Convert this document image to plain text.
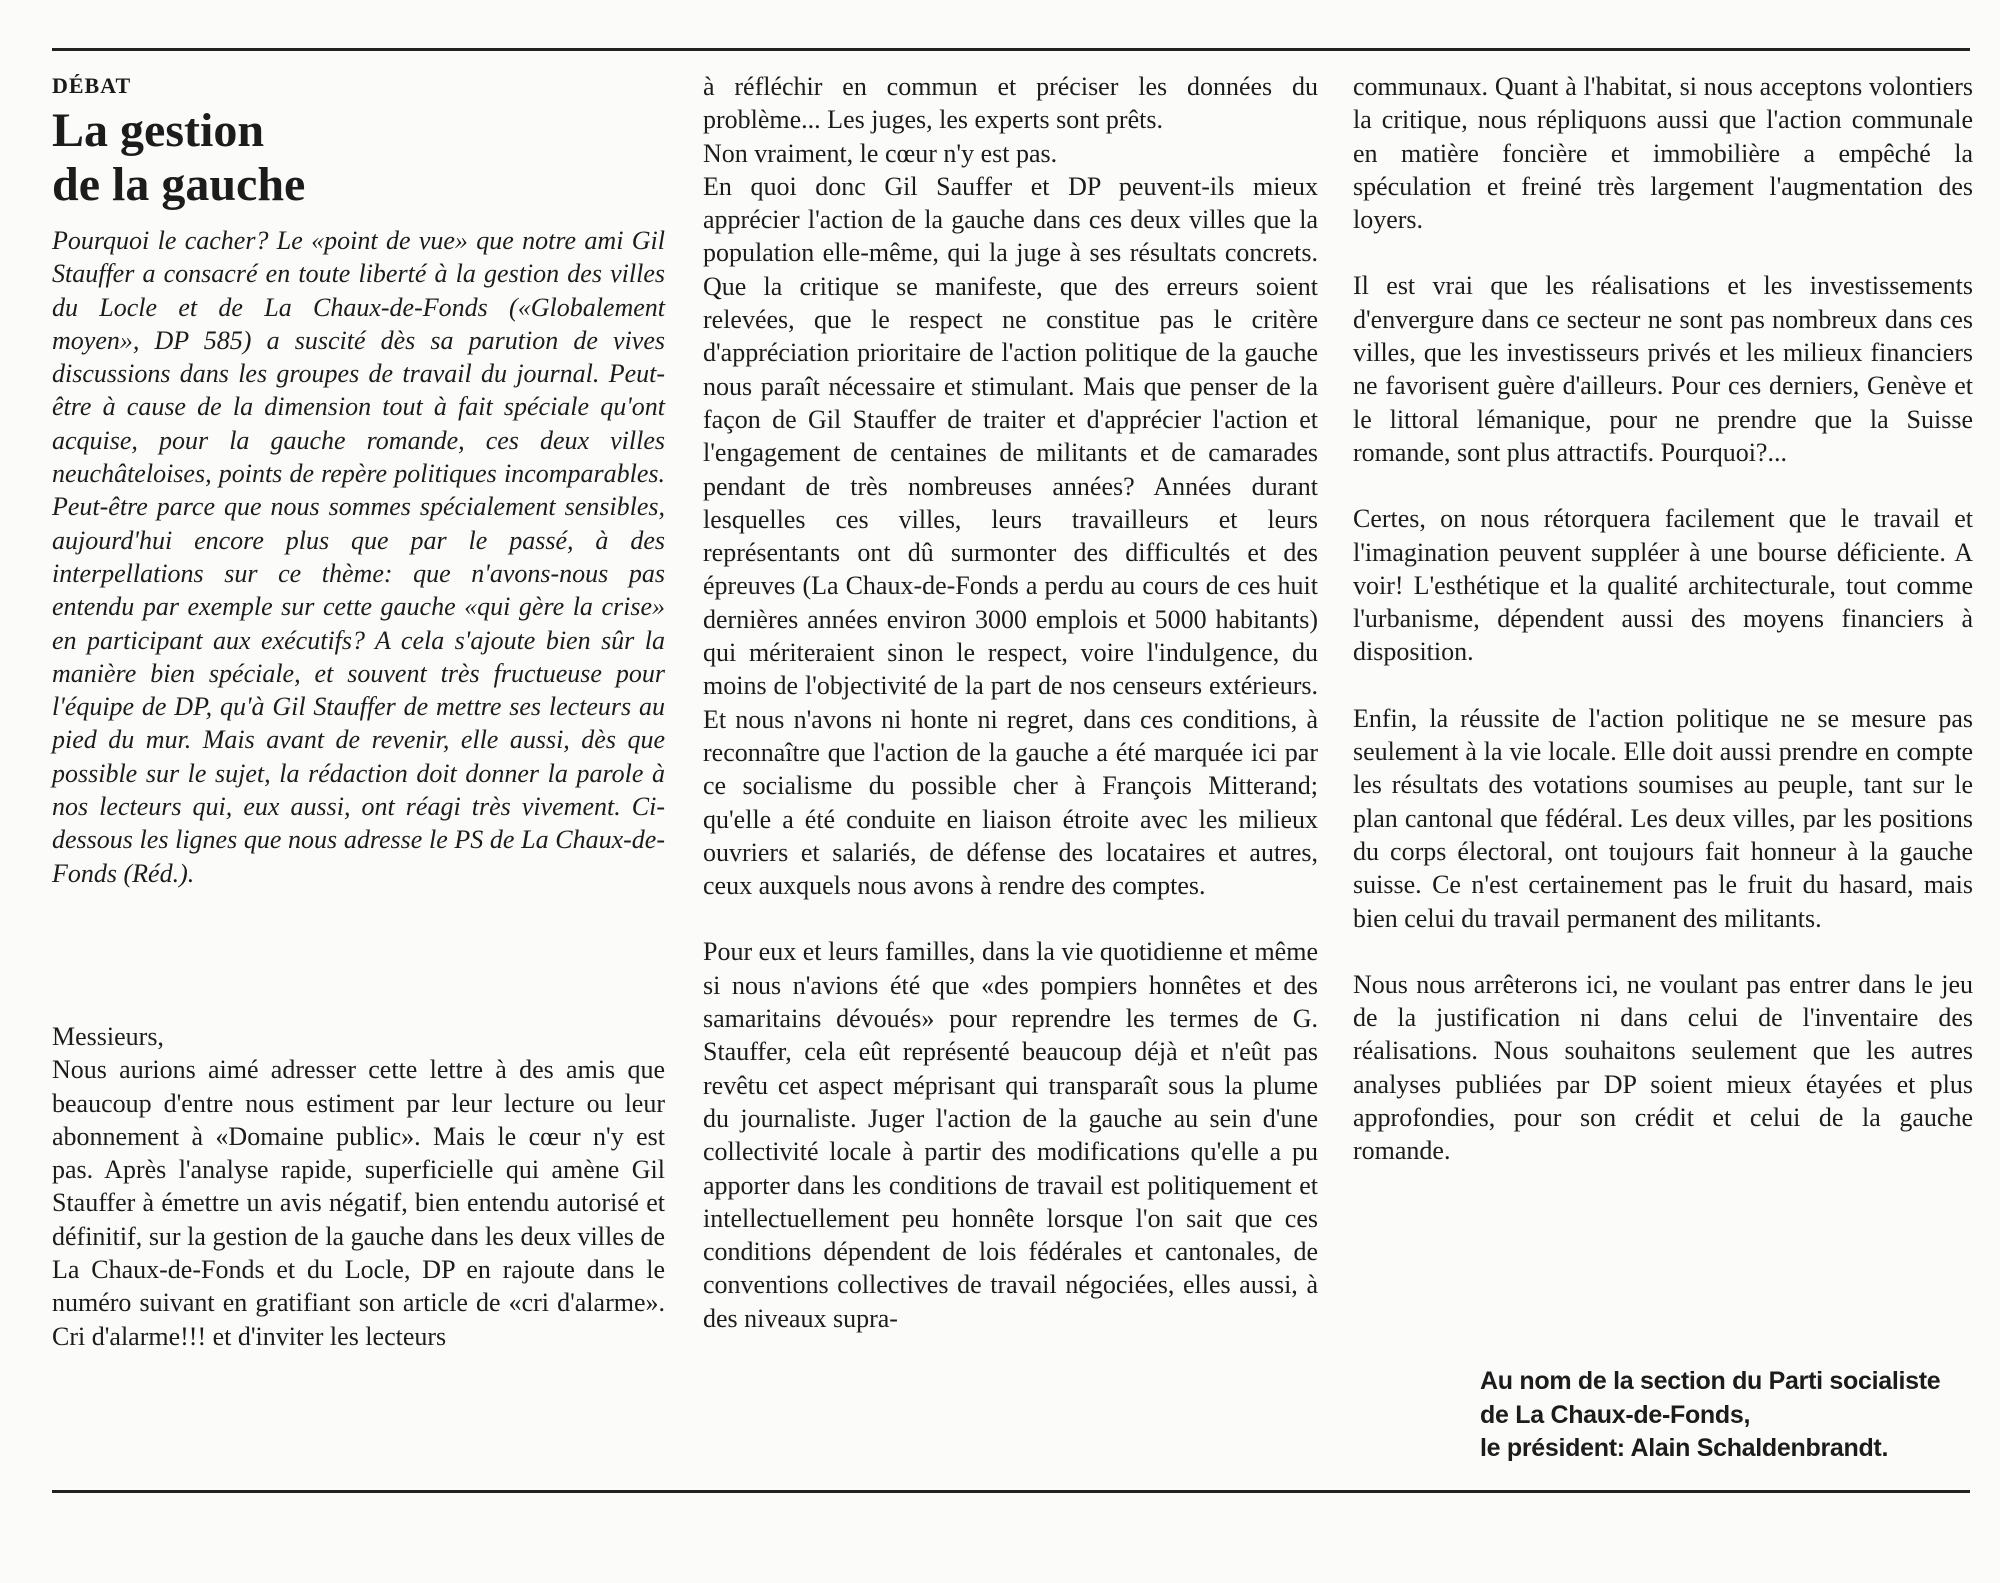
DÉBAT
La gestion
de la gauche

Pourquoi le cacher? Le «point de vue» que notre ami Gil Stauffer a consacré en toute liberté à la gestion des villes du Locle et de La Chaux-de-Fonds («Globalement moyen», DP 585) a suscité dès sa parution de vives discussions dans les groupes de travail du journal. Peut-être à cause de la dimension tout à fait spéciale qu'ont acquise, pour la gauche romande, ces deux villes neuchâteloises, points de repère politiques incomparables. Peut-être parce que nous sommes spécialement sensibles, aujourd'hui encore plus que par le passé, à des interpellations sur ce thème: que n'avons-nous pas entendu par exemple sur cette gauche «qui gère la crise» en participant aux exécutifs? A cela s'ajoute bien sûr la manière bien spéciale, et souvent très fructueuse pour l'équipe de DP, qu'à Gil Stauffer de mettre ses lecteurs au pied du mur. Mais avant de revenir, elle aussi, dès que possible sur le sujet, la rédaction doit donner la parole à nos lecteurs qui, eux aussi, ont réagi très vivement. Ci-dessous les lignes que nous adresse le PS de La Chaux-de-Fonds (Réd.).

Messieurs,

Nous aurions aimé adresser cette lettre à des amis que beaucoup d'entre nous estiment par leur lecture ou leur abonnement à «Domaine public». Mais le cœur n'y est pas. Après l'analyse rapide, superficielle qui amène Gil Stauffer à émettre un avis négatif, bien entendu autorisé et définitif, sur la gestion de la gauche dans les deux villes de La Chaux-de-Fonds et du Locle, DP en rajoute dans le numéro suivant en gratifiant son article de «cri d'alarme». Cri d'alarme!!! et d'inviter les lecteurs

à réfléchir en commun et préciser les données du problème... Les juges, les experts sont prêts.

Non vraiment, le cœur n'y est pas.

En quoi donc Gil Sauffer et DP peuvent-ils mieux apprécier l'action de la gauche dans ces deux villes que la population elle-même, qui la juge à ses résultats concrets. Que la critique se manifeste, que des erreurs soient relevées, que le respect ne constitue pas le critère d'appréciation prioritaire de l'action politique de la gauche nous paraît nécessaire et stimulant. Mais que penser de la façon de Gil Stauffer de traiter et d'apprécier l'action et l'engagement de centaines de militants et de camarades pendant de très nombreuses années? Années durant lesquelles ces villes, leurs travailleurs et leurs représentants ont dû surmonter des difficultés et des épreuves (La Chaux-de-Fonds a perdu au cours de ces huit dernières années environ 3000 emplois et 5000 habitants) qui mériteraient sinon le respect, voire l'indulgence, du moins de l'objectivité de la part de nos censeurs extérieurs. Et nous n'avons ni honte ni regret, dans ces conditions, à reconnaître que l'action de la gauche a été marquée ici par ce socialisme du possible cher à François Mitterand; qu'elle a été conduite en liaison étroite avec les milieux ouvriers et salariés, de défense des locataires et autres, ceux auxquels nous avons à rendre des comptes.

Pour eux et leurs familles, dans la vie quotidienne et même si nous n'avions été que «des pompiers honnêtes et des samaritains dévoués» pour reprendre les termes de G. Stauffer, cela eût représenté beaucoup déjà et n'eût pas revêtu cet aspect méprisant qui transparaît sous la plume du journaliste. Juger l'action de la gauche au sein d'une collectivité locale à partir des modifications qu'elle a pu apporter dans les conditions de travail est politiquement et intellectuellement peu honnête lorsque l'on sait que ces conditions dépendent de lois fédérales et cantonales, de conventions collectives de travail négociées, elles aussi, à des niveaux supra-

communaux. Quant à l'habitat, si nous acceptons volontiers la critique, nous répliquons aussi que l'action communale en matière foncière et immobilière a empêché la spéculation et freiné très largement l'augmentation des loyers.

Il est vrai que les réalisations et les investissements d'envergure dans ce secteur ne sont pas nombreux dans ces villes, que les investisseurs privés et les milieux financiers ne favorisent guère d'ailleurs. Pour ces derniers, Genève et le littoral lémanique, pour ne prendre que la Suisse romande, sont plus attractifs. Pourquoi?...

Certes, on nous rétorquera facilement que le travail et l'imagination peuvent suppléer à une bourse déficiente. A voir! L'esthétique et la qualité architecturale, tout comme l'urbanisme, dépendent aussi des moyens financiers à disposition.

Enfin, la réussite de l'action politique ne se mesure pas seulement à la vie locale. Elle doit aussi prendre en compte les résultats des votations soumises au peuple, tant sur le plan cantonal que fédéral. Les deux villes, par les positions du corps électoral, ont toujours fait honneur à la gauche suisse. Ce n'est certainement pas le fruit du hasard, mais bien celui du travail permanent des militants.

Nous nous arrêterons ici, ne voulant pas entrer dans le jeu de la justification ni dans celui de l'inventaire des réalisations. Nous souhaitons seulement que les autres analyses publiées par DP soient mieux étayées et plus approfondies, pour son crédit et celui de la gauche romande.

Au nom de la section du Parti socialiste
de La Chaux-de-Fonds,
le président: Alain Schaldenbrandt.
